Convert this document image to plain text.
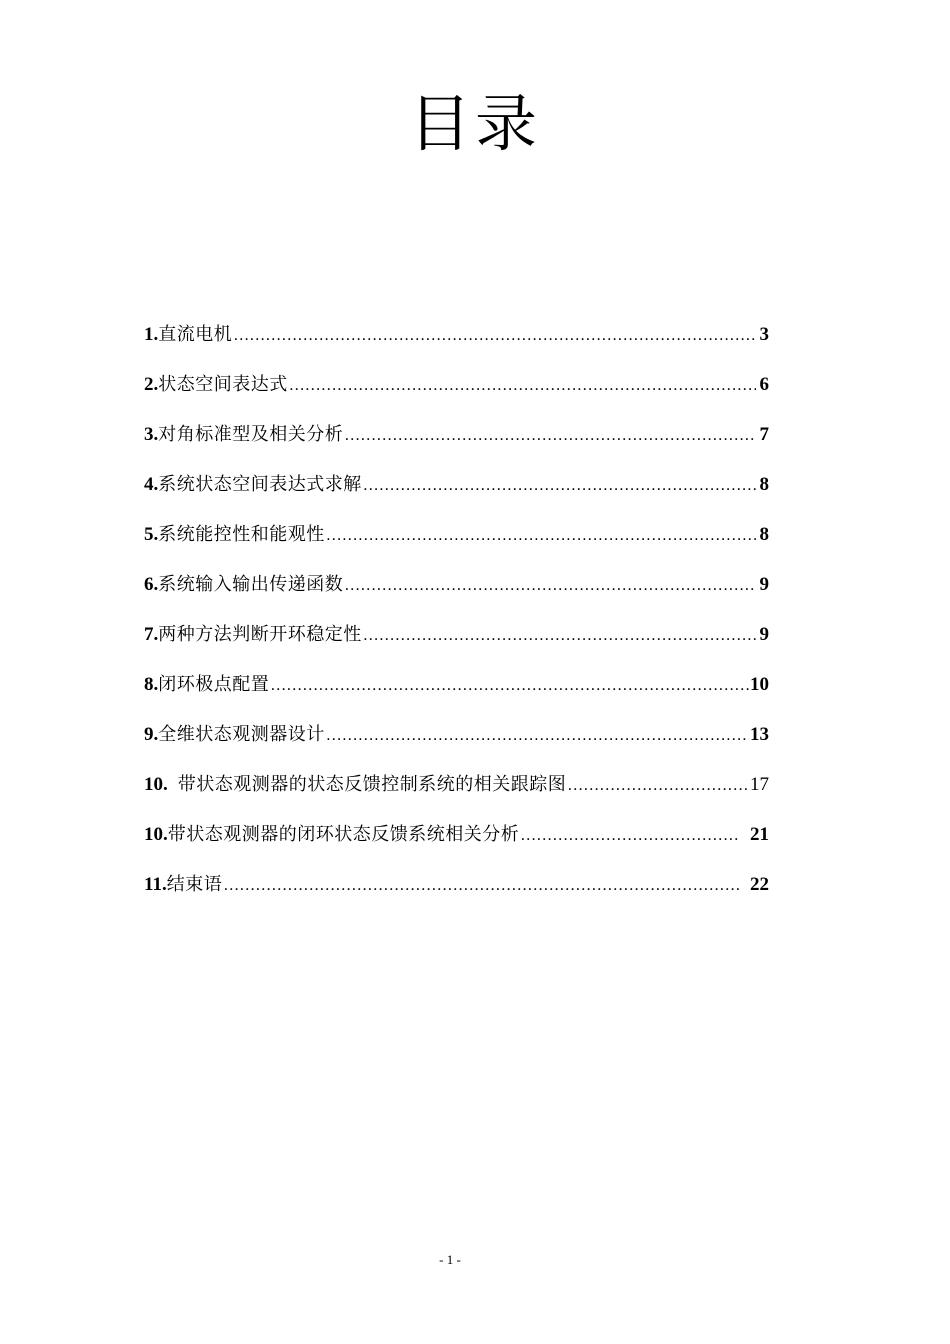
目录
1. 直流电机 ……………………………………………………………………………………………………………………………………	3
2. 状态空间表达式 ……………………………………………………………………………………………………………………………………	6
3. 对角标准型及相关分析 ……………………………………………………………………………………………………………………………………	7
4. 系统状态空间表达式求解 ……………………………………………………………………………………………………………………………………	8
5. 系统能控性和能观性 ……………………………………………………………………………………………………………………………………	8
6. 系统输入输出传递函数 ……………………………………………………………………………………………………………………………………	9
7. 两种方法判断开环稳定性 ……………………………………………………………………………………………………………………………………	9
8. 闭环极点配置 ……………………………………………………………………………………………………………………………………	10
9. 全维状态观测器设计 ……………………………………………………………………………………………………………………………………	13
10. 带状态观测器的状态反馈控制系统的相关跟踪图 ……………………………………………………………………………………………………………………………………	17
10. 带状态观测器的闭环状态反馈系统相关分析 ……………………………………………………………………………………………………………………………………	21
11. 结束语 ……………………………………………………………………………………………………………………………………	22
- 1 -
